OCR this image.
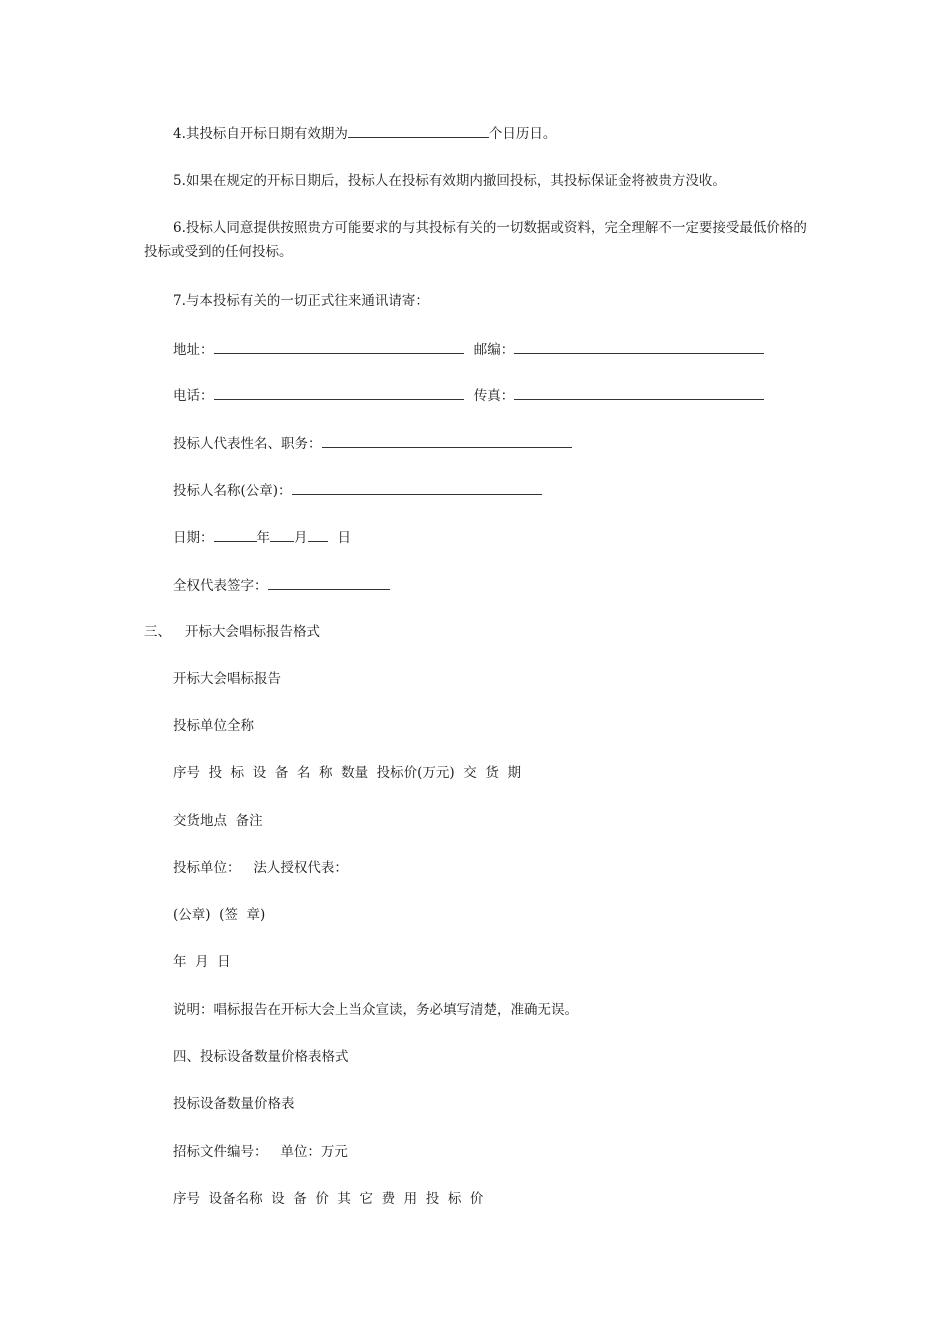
4.其投标自开标日期有效期为	个日历日。
5.如果在规定的开标日期后，投标人在投标有效期内撤回投标，其投标保证金将被贵方没收。
6.投标人同意提供按照贵方可能要求的与其投标有关的一切数据或资料，完全理解不一定要接受最低价格的投标或受到的任何投标。
7.与本投标有关的一切正式往来通讯请寄：
地址：	邮编：
电话：	传真：
投标人代表性名、职务：
投标人名称(公章)：
日期：	年 月 日
全权代表签字：
三、 开标大会唱标报告格式
开标大会唱标报告
投标单位全称
序号  投  标  设  备  名  称  数量  投标价(万元)  交  货  期
交货地点  备注
投标单位：   法人授权代表：
(公章)  (签  章)
年  月  日
说明：唱标报告在开标大会上当众宣读，务必填写清楚，准确无误。
四、投标设备数量价格表格式
投标设备数量价格表
招标文件编号：   单位：万元
序号  设备名称  设  备  价  其  它  费  用  投  标  价
